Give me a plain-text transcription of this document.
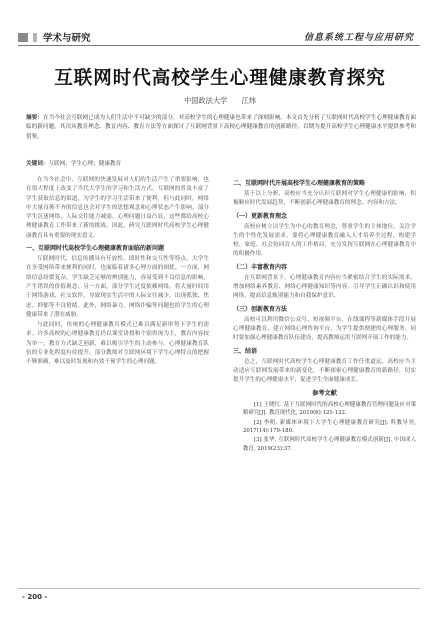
学术与研究	信息系统工程与应用研究
互联网时代高校学生心理健康教育探究
中国政法大学 江炜
摘要：在当今社会互联网已成为人们生活中不可缺少的部分，对高校学生的心理健康也带来了深刻影响。本文首先分析了互联网时代高校学生心理健康教育面临的新问题，其次从教育理念、教育内容、教育方法等方面探讨了互联网背景下高校心理健康教育的创新路径，以期为提升高校学生心理健康水平提供参考和借鉴。
关键词：互联网；学生心理；健康教育

在当今社会中，互联网的快速发展对人们的生活产生了重要影响，也在很大程度上改变了当代大学生的学习和生活方式。互联网的普及丰富了学生获取信息的渠道，为学生的学习生活带来了便利，但与此同时，网络中大量良莠不齐的信息也会对学生的思想观念和心理状态产生影响。部分学生沉迷网络、人际交往能力减弱、心理问题日益凸显，这些都给高校心理健康教育工作带来了新的挑战。因此，研究互联网时代高校学生心理健康教育具有重要的现实意义。

一、互联网时代高校学生心理健康教育面临的新问题

互联网时代，信息传播具有开放性、即时性和交互性等特点，大学生在享受网络带来便利的同时，也面临着诸多心理方面的困扰。一方面，网络信息纷繁复杂，学生缺乏足够的辨别能力，容易受到不良信息的影响，产生错误的价值观念；另一方面，部分学生过度依赖网络，将大量时间用于网络游戏、社交软件，导致现实生活中的人际交往减少，出现孤独、焦虑、抑郁等不良情绪。此外，网络暴力、网络诈骗等问题也给学生的心理健康带来了潜在威胁。

与此同时，传统的心理健康教育模式已难以满足新形势下学生的需求。许多高校的心理健康教育仍以课堂讲授和个别咨询为主，教育内容较为单一，教育方式缺乏创新，难以吸引学生的主动参与。心理健康教育队伍的专业化程度有待提升，部分教师对互联网环境下学生心理特点的把握不够准确，难以及时发现和有效干预学生的心理问题。

二、互联网时代开展高校学生心理健康教育的策略

基于以上分析，高校应当充分认识互联网对学生心理健康的影响，积极顺应时代发展趋势，不断创新心理健康教育的理念、内容和方法。

（一）更新教育理念

高校应树立以学生为中心的教育理念，尊重学生的主体地位，关注学生的个性化发展需求。要将心理健康教育融入人才培养全过程，构建学校、家庭、社会协同育人的工作格局，充分发挥互联网在心理健康教育中的积极作用。

（二）丰富教育内容

在互联网背景下，心理健康教育内容应当紧密结合学生的实际需求，增加网络素养教育、网络心理健康知识等内容，引导学生正确认识和使用网络，提高信息甄别能力和自我保护意识。

（三）创新教育方法

高校可以利用微信公众号、短视频平台、在线课程等新媒体手段开展心理健康教育，建立网络心理咨询平台，为学生提供便捷的心理服务。同时要加强心理健康教育队伍建设，提高教师运用互联网开展工作的能力。

三、结语

总之，互联网时代高校学生心理健康教育工作任重道远。高校应当主动适应互联网发展带来的新变化，不断探索心理健康教育的新路径，切实提升学生的心理健康水平，促进学生全面健康成长。

参考文献

[1] 王晓红. 基于互联网时代的高校心理健康教育管理问题及应对策略研究[J]. 教育现代化, 2019(6):121-122.

[2] 李明. 新媒体环境下大学生心理健康教育研究[J]. 科教导刊, 2017(14):179-180.

[3] 张华. 互联网时代高校学生心理健康教育模式创新[J]. 中国成人教育, 2019(23):37.

- 200 -
